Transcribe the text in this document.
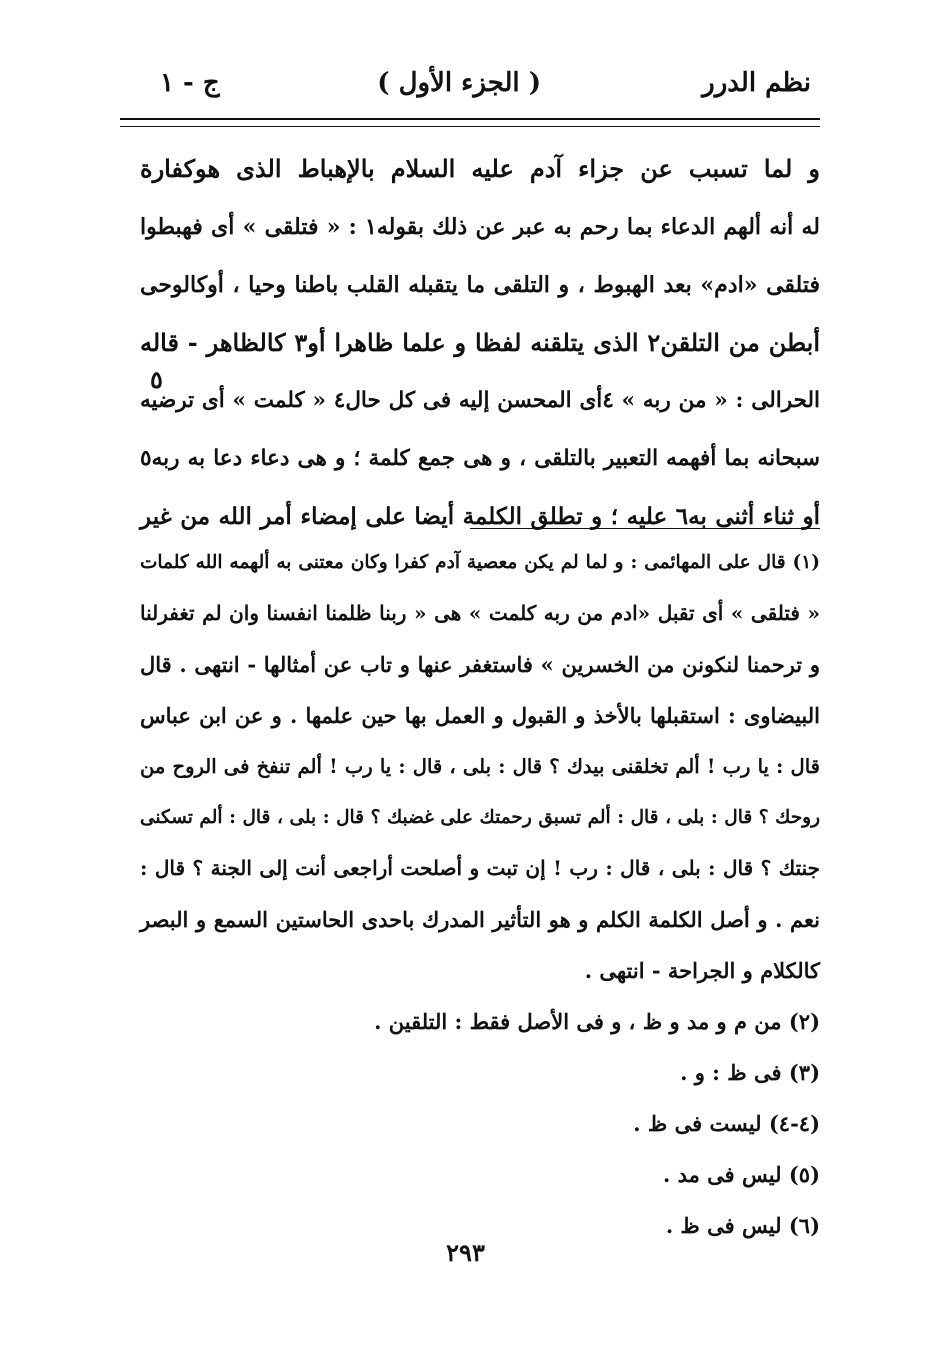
نظم الدرر
( الجزء الأول )
ج - ١
و لما تسبب عن جزاء آدم عليه السلام بالإهباط الذى هوكفارة
له أنه ألهم الدعاء بما رحم به عبر عن ذلك بقوله١ : « فتلقى » أى فهبطوا
فتلقى «ادم» بعد الهبوط ، و التلقى ما يتقبله القلب باطنا وحيا ، أوكالوحى
أبطن من التلقن٢ الذى يتلقنه لفظا و علما ظاهرا أو٣ كالظاهر - قاله
الحرالى : « من ربه » ٤أى المحسن إليه فى كل حال٤ « كلمت » أى ترضيه
سبحانه بما أفهمه التعبير بالتلقى ، و هى جمع كلمة ؛ و هى دعاء دعا به ربه٥
أو ثناء أثنى به٦ عليه ؛ و تطلق الكلمة أيضا على إمضاء أمر الله من غير
٥
(١) قال على المهائمى : و لما لم يكن معصية آدم كفرا وكان معتنى به ألهمه الله كلمات
« فتلقى » أى تقبل «ادم من ربه كلمت » هى « ربنا ظلمنا انفسنا وان لم تغفرلنا
و ترحمنا لنكونن من الخسرين » فاستغفر عنها و تاب عن أمثالها - انتهى . قال
البيضاوى : استقبلها بالأخذ و القبول و العمل بها حين علمها . و عن ابن عباس
قال : يا رب ! ألم تخلقنى بيدك ؟ قال : بلى ، قال : يا رب ! ألم تنفخ فى الروح من
روحك ؟ قال : بلى ، قال : ألم تسبق رحمتك على غضبك ؟ قال : بلى ، قال : ألم تسكنى
جنتك ؟ قال : بلى ، قال : رب ! إن تبت و أصلحت أراجعى أنت إلى الجنة ؟ قال :
نعم . و أصل الكلمة الكلم و هو التأثير المدرك باحدى الحاستين السمع و البصر
كالكلام و الجراحة - انتهى .
(٢) من م و مد و ظ ، و فى الأصل فقط : التلقين .
(٣) فى ظ : و .
(٤-٤) ليست فى ظ .
(٥) ليس فى مد .
(٦) ليس فى ظ .
٢٩٣
